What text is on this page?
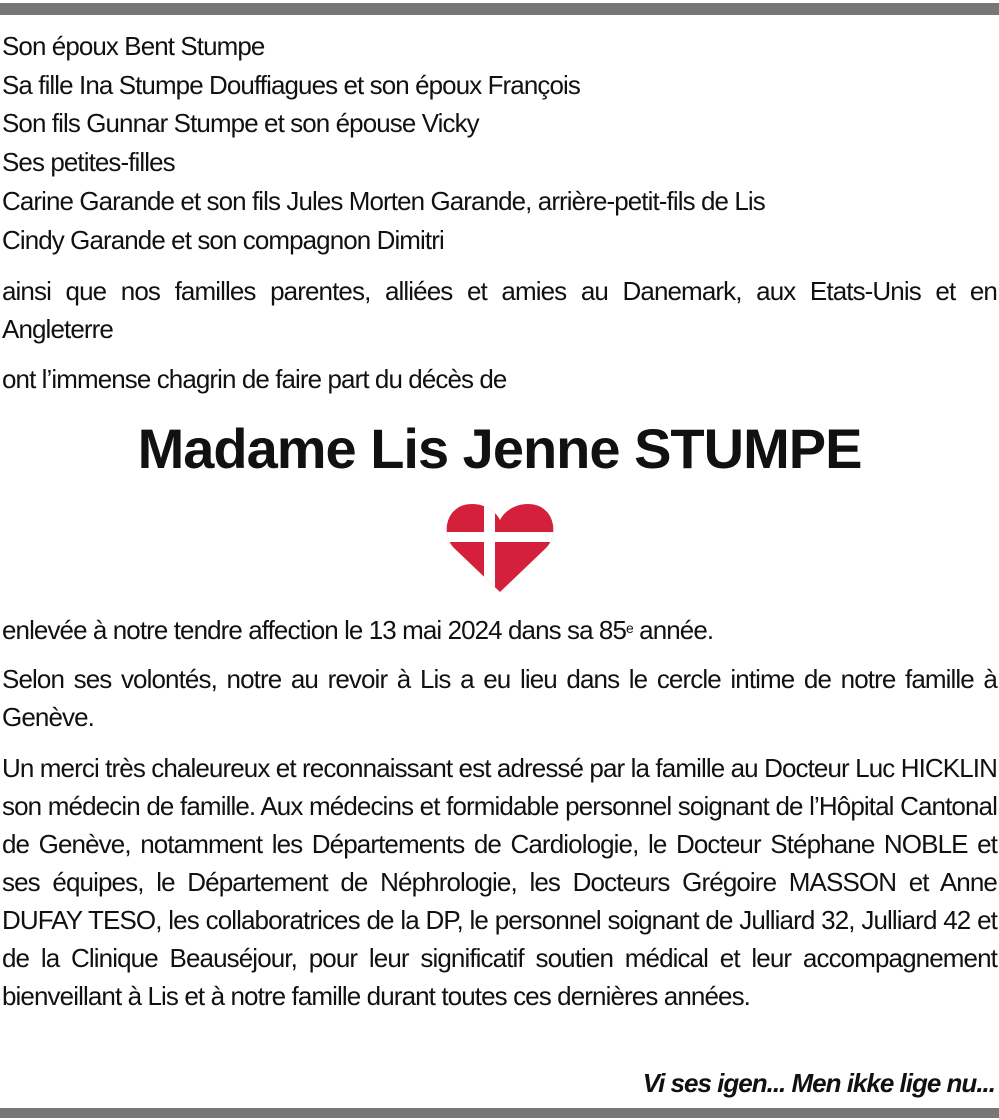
Son époux Bent Stumpe
Sa fille Ina Stumpe Douffiagues et son époux François
Son fils Gunnar Stumpe et son épouse Vicky
Ses petites-filles
Carine Garande et son fils Jules Morten Garande, arrière-petit-fils de Lis
Cindy Garande et son compagnon Dimitri
ainsi que nos familles parentes, alliées et amies au Danemark, aux Etats-Unis et en Angleterre
ont l’immense chagrin de faire part du décès de
Madame Lis Jenne STUMPE
enlevée à notre tendre affection le 13 mai 2024 dans sa 85e année.
Selon ses volontés, notre au revoir à Lis a eu lieu dans le cercle intime de notre famille à Genève.
Un merci très chaleureux et reconnaissant est adressé par la famille au Docteur Luc HICKLIN son médecin de famille. Aux médecins et formidable personnel soignant de l’Hôpital Cantonal de Genève, notamment les Départements de Cardiologie, le Docteur Stéphane NOBLE et ses équipes, le Département de Néphrologie, les Docteurs Grégoire MASSON et Anne DUFAY TESO, les collaboratrices de la DP, le personnel soignant de Julliard 32, Julliard 42 et de la Clinique Beauséjour, pour leur significatif soutien médical et leur accompagnement bienveillant à Lis et à notre famille durant toutes ces dernières années.
Vi ses igen... Men ikke lige nu...
